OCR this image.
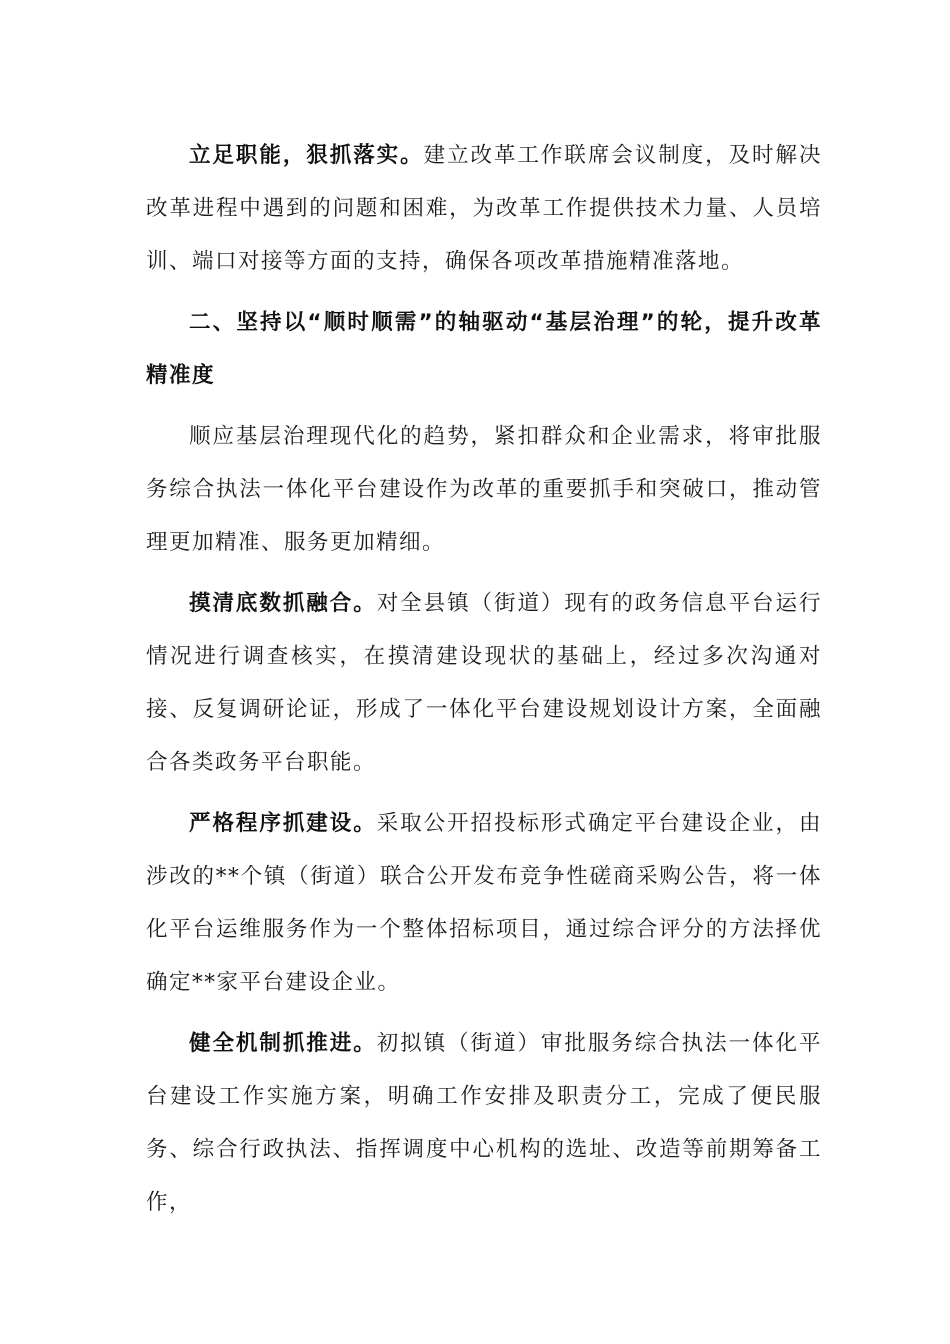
立足职能，狠抓落实。建立改革工作联席会议制度，及时解决改革进程中遇到的问题和困难，为改革工作提供技术力量、人员培训、端口对接等方面的支持，确保各项改革措施精准落地。

二、坚持以“顺时顺需”的轴驱动“基层治理”的轮，提升改革精准度

顺应基层治理现代化的趋势，紧扣群众和企业需求，将审批服务综合执法一体化平台建设作为改革的重要抓手和突破口，推动管理更加精准、服务更加精细。

摸清底数抓融合。对全县镇（街道）现有的政务信息平台运行情况进行调查核实，在摸清建设现状的基础上，经过多次沟通对接、反复调研论证，形成了一体化平台建设规划设计方案，全面融合各类政务平台职能。

严格程序抓建设。采取公开招投标形式确定平台建设企业，由涉改的**个镇（街道）联合公开发布竞争性磋商采购公告，将一体化平台运维服务作为一个整体招标项目，通过综合评分的方法择优确定**家平台建设企业。

健全机制抓推进。初拟镇（街道）审批服务综合执法一体化平台建设工作实施方案，明确工作安排及职责分工，完成了便民服务、综合行政执法、指挥调度中心机构的选址、改造等前期筹备工作，
